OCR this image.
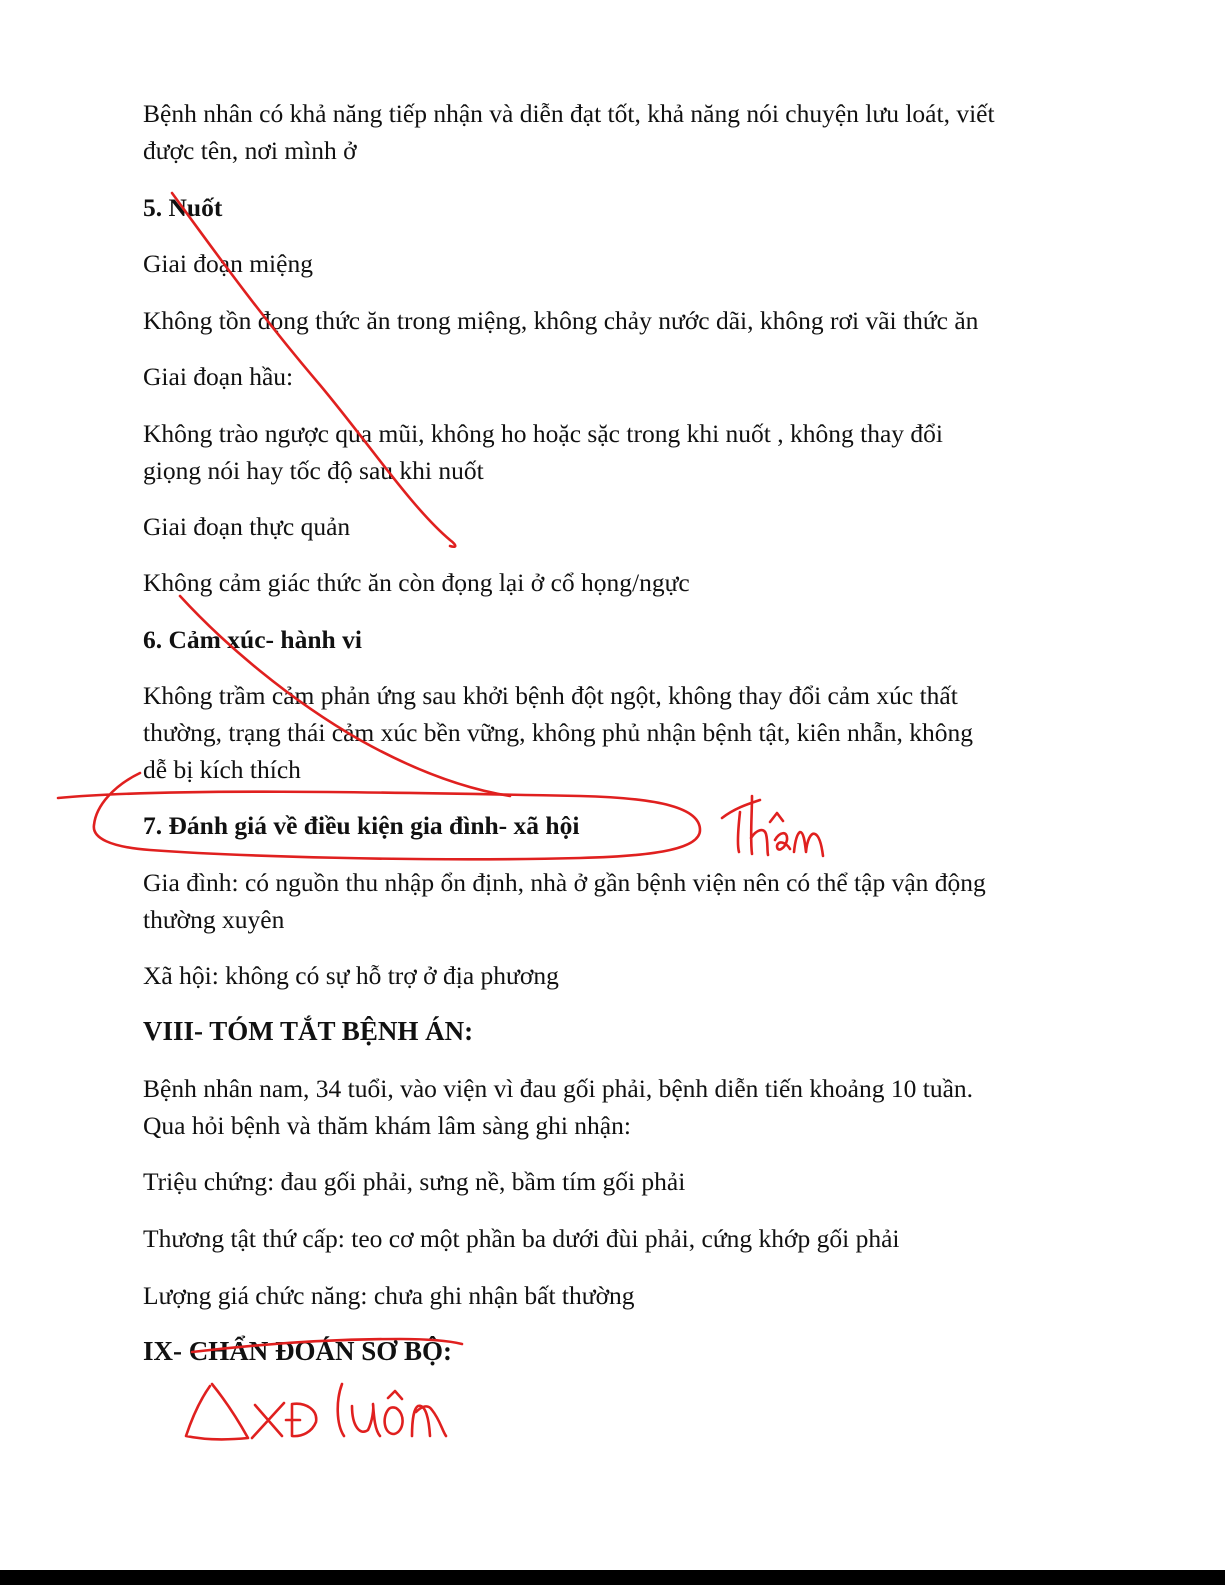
Bệnh nhân có khả năng tiếp nhận và diễn đạt tốt, khả năng nói chuyện lưu loát, viết
được tên, nơi mình ở
5. Nuốt
Giai đoạn miệng
Không tồn đọng thức ăn trong miệng, không chảy nước dãi, không rơi vãi thức ăn
Giai đoạn hầu:
Không trào ngược qua mũi, không ho hoặc sặc trong khi nuốt , không thay đổi
giọng nói hay tốc độ sau khi nuốt
Giai đoạn thực quản
Không cảm giác thức ăn còn đọng lại ở cổ họng/ngực
6. Cảm xúc- hành vi
Không trầm cảm phản ứng sau khởi bệnh đột ngột, không thay đổi cảm xúc thất
thường, trạng thái cảm xúc bền vững, không phủ nhận bệnh tật, kiên nhẫn, không
dễ bị kích thích
7. Đánh giá về điều kiện gia đình- xã hội
Gia đình: có nguồn thu nhập ổn định, nhà ở gần bệnh viện nên có thể tập vận động
thường xuyên
Xã hội: không có sự hỗ trợ ở địa phương
VIII- TÓM TẮT BỆNH ÁN:
Bệnh nhân nam, 34 tuổi, vào viện vì đau gối phải, bệnh diễn tiến khoảng 10 tuần.
Qua hỏi bệnh và thăm khám lâm sàng ghi nhận:
Triệu chứng: đau gối phải, sưng nề, bầm tím gối phải
Thương tật thứ cấp: teo cơ một phần ba dưới đùi phải, cứng khớp gối phải
Lượng giá chức năng: chưa ghi nhận bất thường
IX- CHẨN ĐOÁN SƠ BỘ:
